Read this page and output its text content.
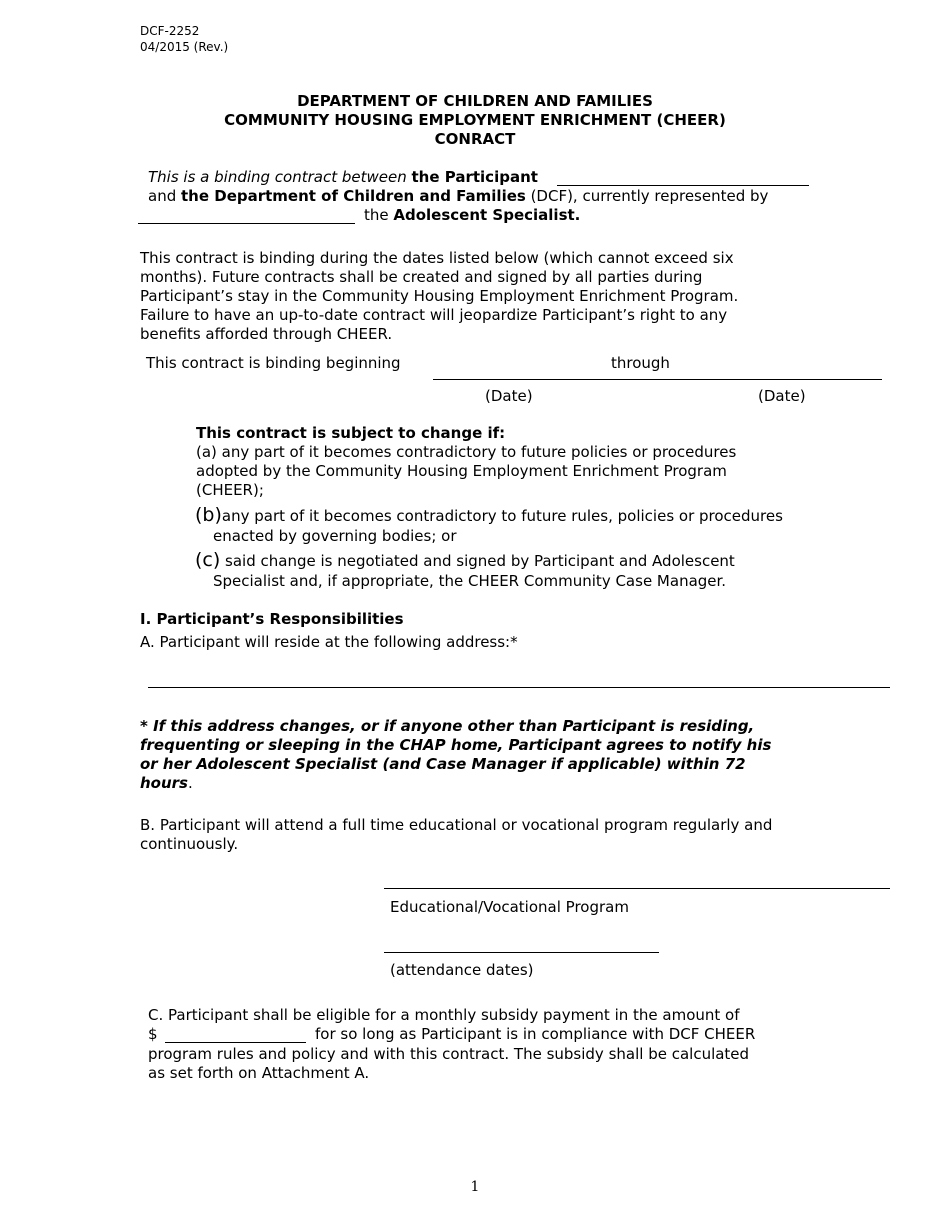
DCF-2252
04/2015 (Rev.)
DEPARTMENT OF CHILDREN AND FAMILIES
COMMUNITY HOUSING EMPLOYMENT ENRICHMENT (CHEER)
CONRACT
This is a binding contract between the Participant
and the Department of Children and Families (DCF), currently represented by
the Adolescent Specialist.
This contract is binding during the dates listed below (which cannot exceed six
months). Future contracts shall be created and signed by all parties during
Participant’s stay in the Community Housing Employment Enrichment Program.
Failure to have an up-to-date contract will jeopardize Participant’s right to any
benefits afforded through CHEER.
This contract is binding beginning	through
(Date)	(Date)
This contract is subject to change if:
(a) any part of it becomes contradictory to future policies or procedures
adopted by the Community Housing Employment Enrichment Program
(CHEER);
(b)any part of it becomes contradictory to future rules, policies or procedures
enacted by governing bodies; or
(c) said change is negotiated and signed by Participant and Adolescent
Specialist and, if appropriate, the CHEER Community Case Manager.
I. Participant’s Responsibilities
A. Participant will reside at the following address:*
* If this address changes, or if anyone other than Participant is residing,
frequenting or sleeping in the CHAP home, Participant agrees to notify his
or her Adolescent Specialist (and Case Manager if applicable) within 72
hours.
B. Participant will attend a full time educational or vocational program regularly and
continuously.
Educational/Vocational Program
(attendance dates)
C. Participant shall be eligible for a monthly subsidy payment in the amount of
$	for so long as Participant is in compliance with DCF CHEER
program rules and policy and with this contract. The subsidy shall be calculated
as set forth on Attachment A.
1
